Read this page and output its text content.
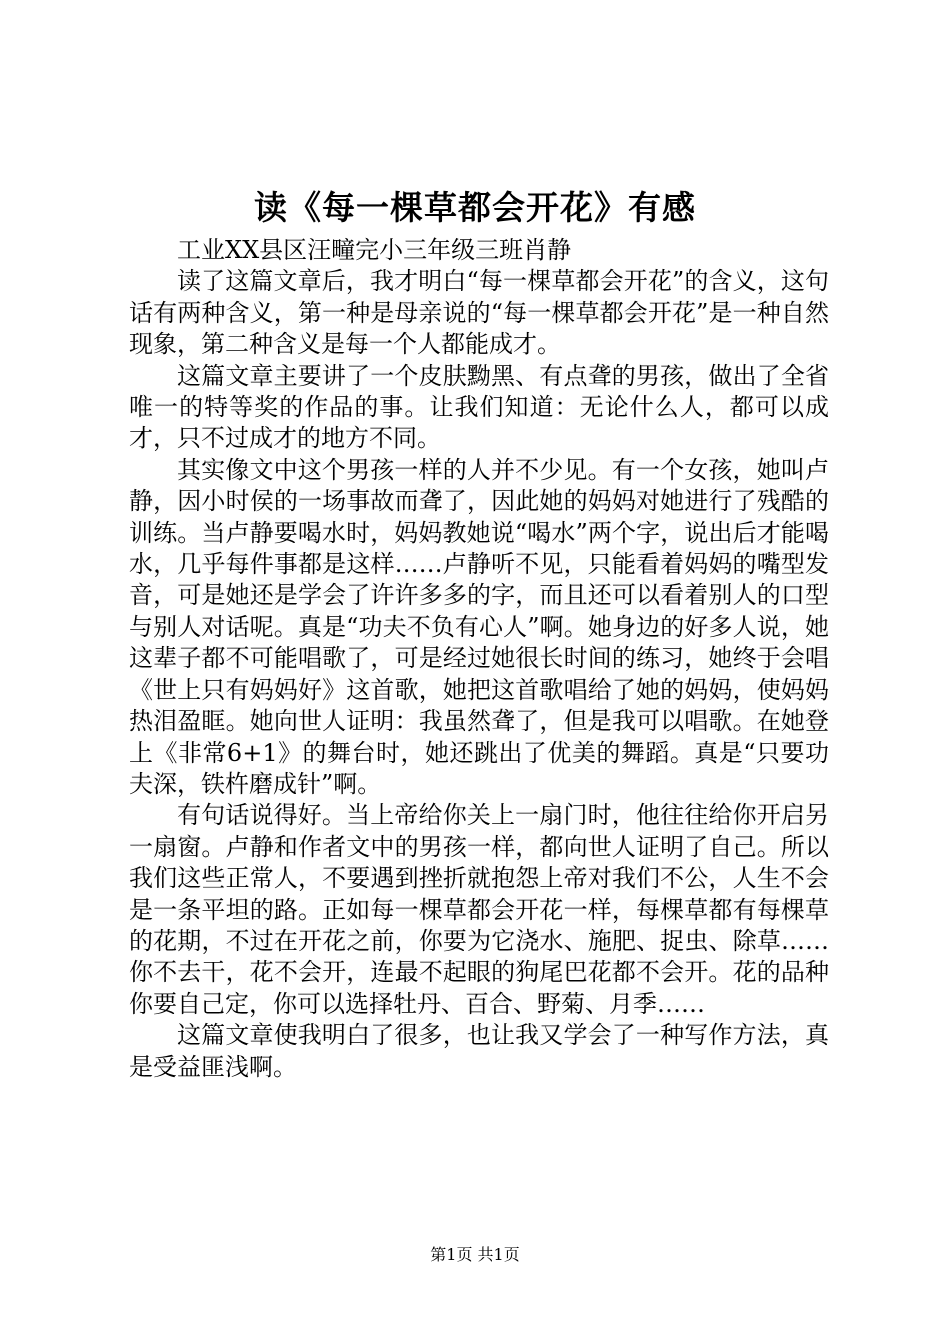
读《每一棵草都会开花》有感

工业XX县区汪疃完小三年级三班肖静

读了这篇文章后，我才明白“每一棵草都会开花”的含义，这句话有两种含义，第一种是母亲说的“每一棵草都会开花”是一种自然现象，第二种含义是每一个人都能成才。

这篇文章主要讲了一个皮肤黝黑、有点聋的男孩，做出了全省唯一的特等奖的作品的事。让我们知道：无论什么人，都可以成才，只不过成才的地方不同。

其实像文中这个男孩一样的人并不少见。有一个女孩，她叫卢静，因小时侯的一场事故而聋了，因此她的妈妈对她进行了残酷的训练。当卢静要喝水时，妈妈教她说“喝水”两个字，说出后才能喝水，几乎每件事都是这样……卢静听不见，只能看着妈妈的嘴型发音，可是她还是学会了许许多多的字，而且还可以看着别人的口型与别人对话呢。真是“功夫不负有心人”啊。她身边的好多人说，她这辈子都不可能唱歌了，可是经过她很长时间的练习，她终于会唱《世上只有妈妈好》这首歌，她把这首歌唱给了她的妈妈，使妈妈热泪盈眶。她向世人证明：我虽然聋了，但是我可以唱歌。在她登上《非常6+1》的舞台时，她还跳出了优美的舞蹈。真是“只要功夫深，铁杵磨成针”啊。

有句话说得好。当上帝给你关上一扇门时，他往往给你开启另一扇窗。卢静和作者文中的男孩一样，都向世人证明了自己。所以我们这些正常人，不要遇到挫折就抱怨上帝对我们不公，人生不会是一条平坦的路。正如每一棵草都会开花一样，每棵草都有每棵草的花期，不过在开花之前，你要为它浇水、施肥、捉虫、除草……你不去干，花不会开，连最不起眼的狗尾巴花都不会开。花的品种你要自己定，你可以选择牡丹、百合、野菊、月季……

这篇文章使我明白了很多，也让我又学会了一种写作方法，真是受益匪浅啊。

第1页 共1页
